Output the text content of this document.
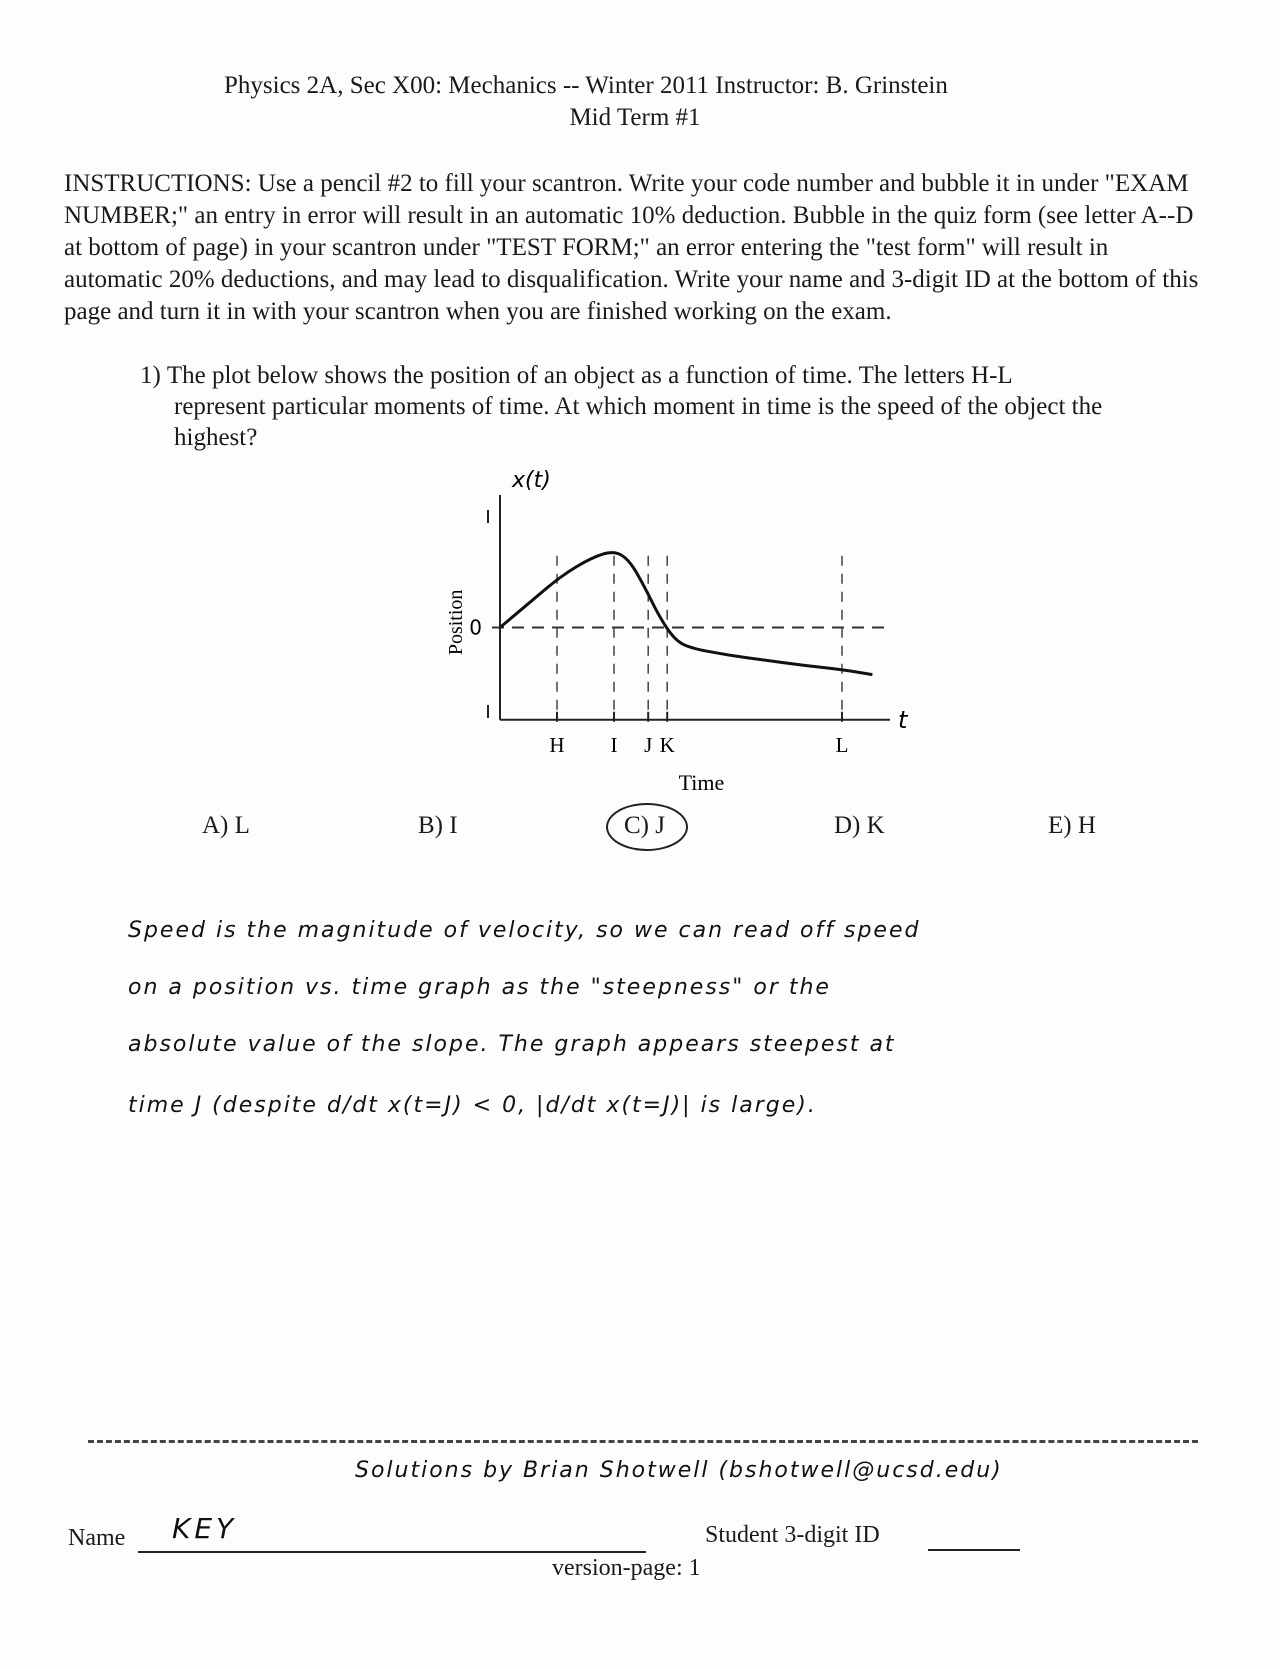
Physics 2A, Sec X00: Mechanics -- Winter 2011 Instructor: B. Grinstein
Mid Term #1
INSTRUCTIONS: Use a pencil #2 to fill your scantron. Write your code number and bubble it in under "EXAM NUMBER;" an entry in error will result in an automatic 10% deduction. Bubble in the quiz form (see letter A--D at bottom of page) in your scantron under "TEST FORM;" an error entering the "test form" will result in automatic 20% deductions, and may lead to disqualification. Write your name and 3-digit ID at the bottom of this page and turn it in with your scantron when you are finished working on the exam.
1) The plot below shows the position of an object as a function of time. The letters H-L
represent particular moments of time. At which moment in time is the speed of the object the highest?
0
Position
x(t)
H I J K	L
Time
t
A) L	B) I	C) J	D) K	E) H
Speed is the magnitude of velocity, so we can read off speed
on a position vs. time graph as the "steepness" or the
absolute value of the slope. The graph appears steepest at
time J (despite d/dt x(t=J) < 0, |d/dt x(t=J)| is large).
Solutions by Brian Shotwell (bshotwell@ucsd.edu)
Name KEY	Student 3-digit ID
version-page: 1
